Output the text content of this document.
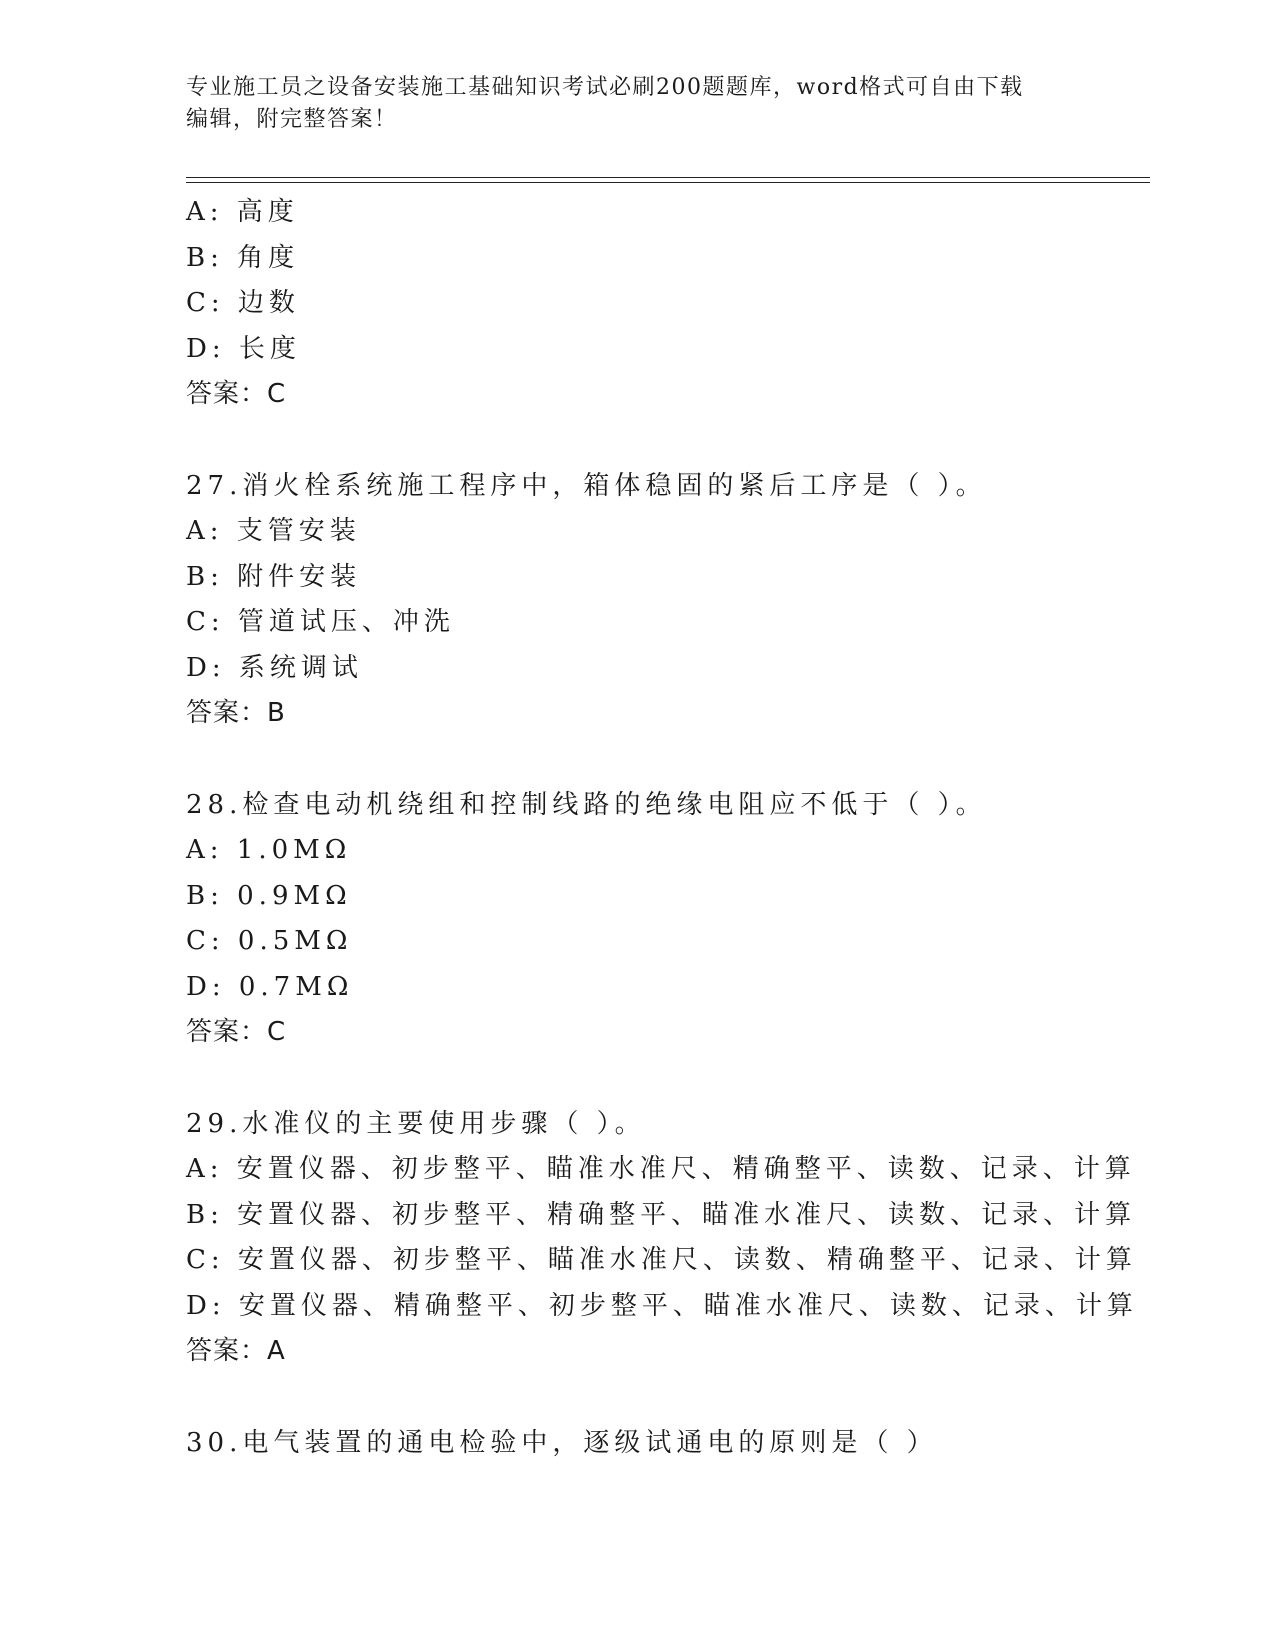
专业施工员之设备安装施工基础知识考试必刷200题题库，word格式可自由下载
编辑，附完整答案！
A: 高度
B: 角度
C: 边数
D: 长度
答案：C
27.消火栓系统施工程序中，箱体稳固的紧后工序是（ ）。
A: 支管安装
B: 附件安装
C: 管道试压、冲洗
D: 系统调试
答案：B
28.检查电动机绕组和控制线路的绝缘电阻应不低于（ ）。
A: 1.0MΩ
B: 0.9MΩ
C: 0.5MΩ
D: 0.7MΩ
答案：C
29.水准仪的主要使用步骤（ ）。
A: 安置仪器、初步整平、瞄准水准尺、精确整平、读数、记录、计算
B: 安置仪器、初步整平、精确整平、瞄准水准尺、读数、记录、计算
C: 安置仪器、初步整平、瞄准水准尺、读数、精确整平、记录、计算
D: 安置仪器、精确整平、初步整平、瞄准水准尺、读数、记录、计算
答案：A
30.电气装置的通电检验中，逐级试通电的原则是（ ）
